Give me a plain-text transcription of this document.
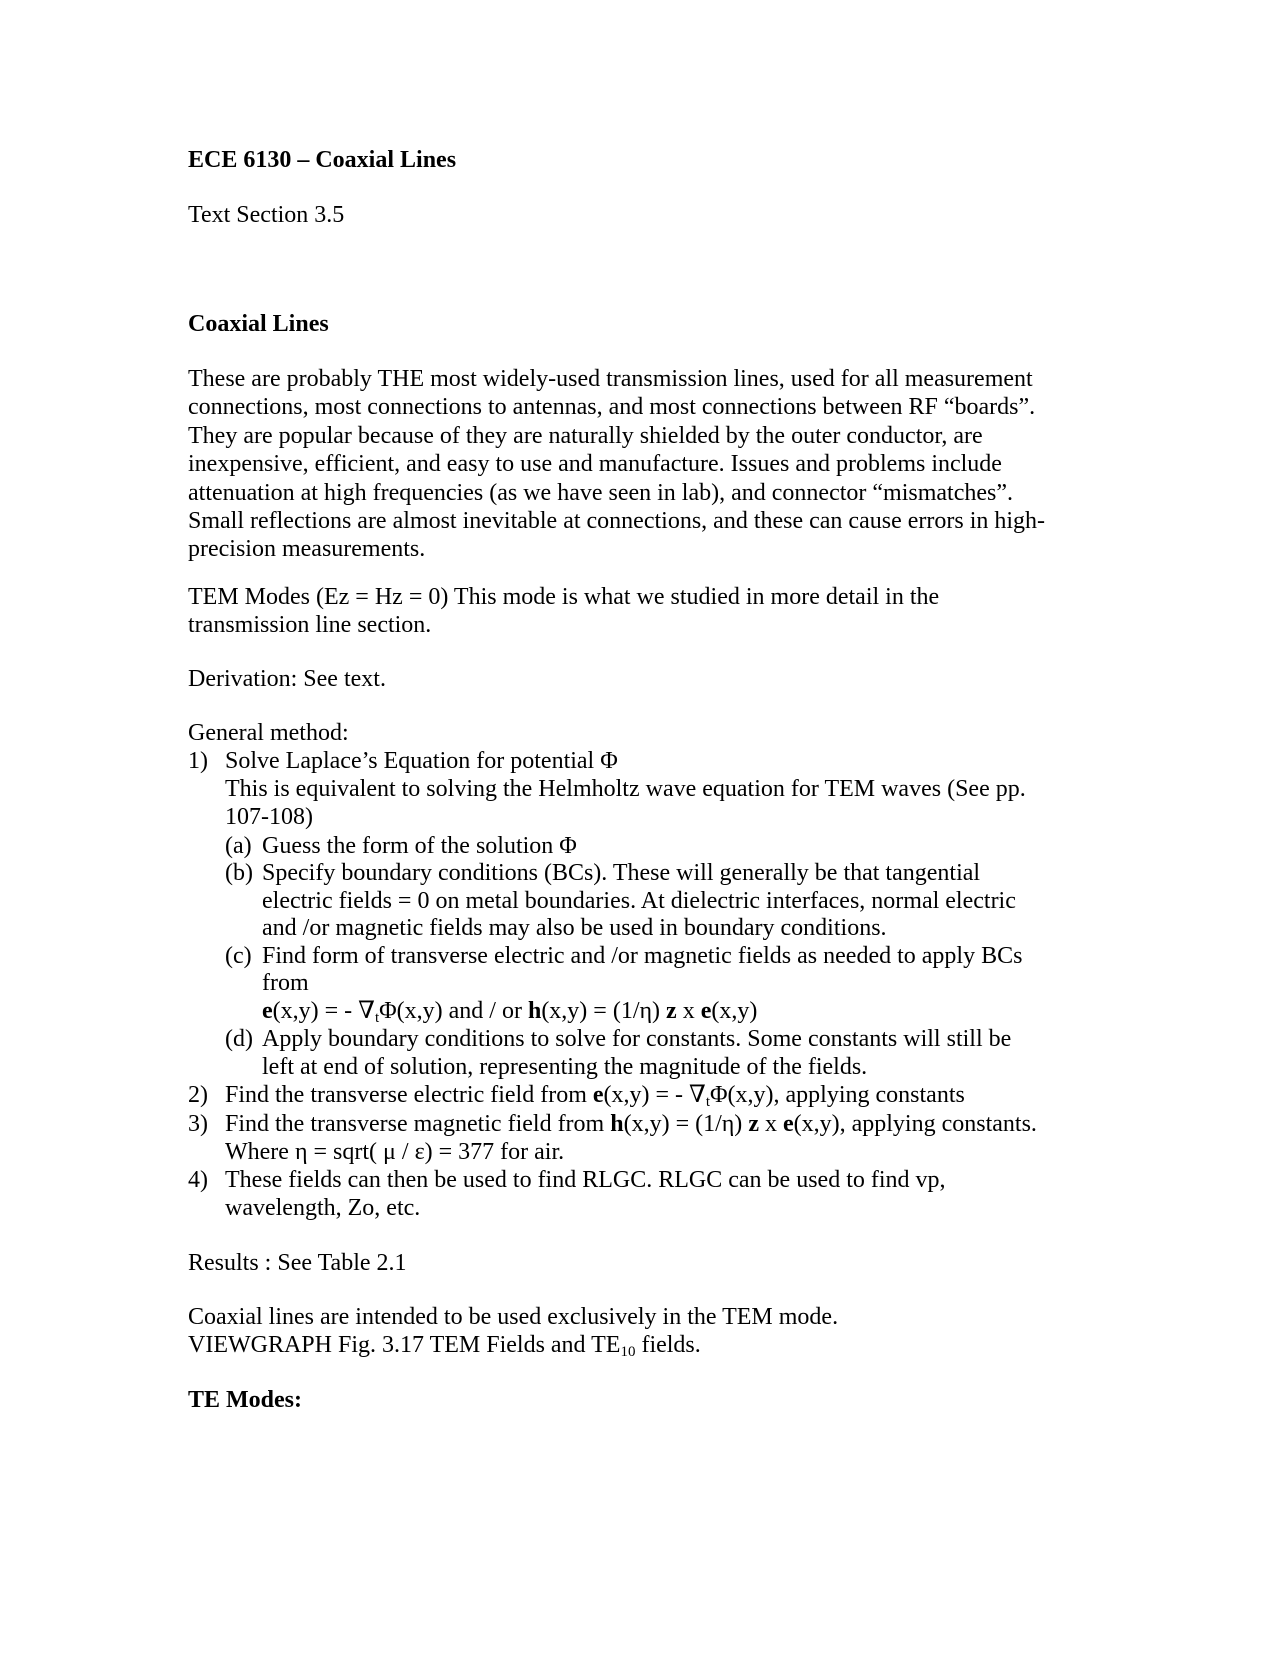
ECE 6130 – Coaxial Lines
Text Section 3.5
Coaxial Lines
These are probably THE most widely-used transmission lines, used for all measurement
connections, most connections to antennas, and most connections between RF “boards”.
They are popular because of they are naturally shielded by the outer conductor, are
inexpensive, efficient, and easy to use and manufacture. Issues and problems include
attenuation at high frequencies (as we have seen in lab), and connector “mismatches”.
Small reflections are almost inevitable at connections, and these can cause errors in high-
precision measurements.
TEM Modes (Ez = Hz = 0) This mode is what we studied in more detail in the
transmission line section.
Derivation: See text.
General method:
1) Solve Laplace’s Equation for potential Φ
This is equivalent to solving the Helmholtz wave equation for TEM waves (See pp.
107-108)
(a) Guess the form of the solution Φ
(b) Specify boundary conditions (BCs). These will generally be that tangential
electric fields = 0 on metal boundaries. At dielectric interfaces, normal electric
and /or magnetic fields may also be used in boundary conditions.
(c) Find form of transverse electric and /or magnetic fields as needed to apply BCs
from
e(x,y) = - $\nabla_t\Phi(x,y)$ and / or h(x,y) = (1/η) z x e(x,y)
(d) Apply boundary conditions to solve for constants. Some constants will still be
left at end of solution, representing the magnitude of the fields.
2) Find the transverse electric field from e(x,y) = - $\nabla_t\Phi(x,y)$, applying constants
3) Find the transverse magnetic field from h(x,y) = (1/η) z x e(x,y), applying constants.
Where η = sqrt( μ / ε) = 377 for air.
4) These fields can then be used to find RLGC. RLGC can be used to find vp,
wavelength, Zo, etc.
Results : See Table 2.1
Coaxial lines are intended to be used exclusively in the TEM mode.
VIEWGRAPH Fig. 3.17 TEM Fields and $TE_{10}$ fields.
TE Modes:
